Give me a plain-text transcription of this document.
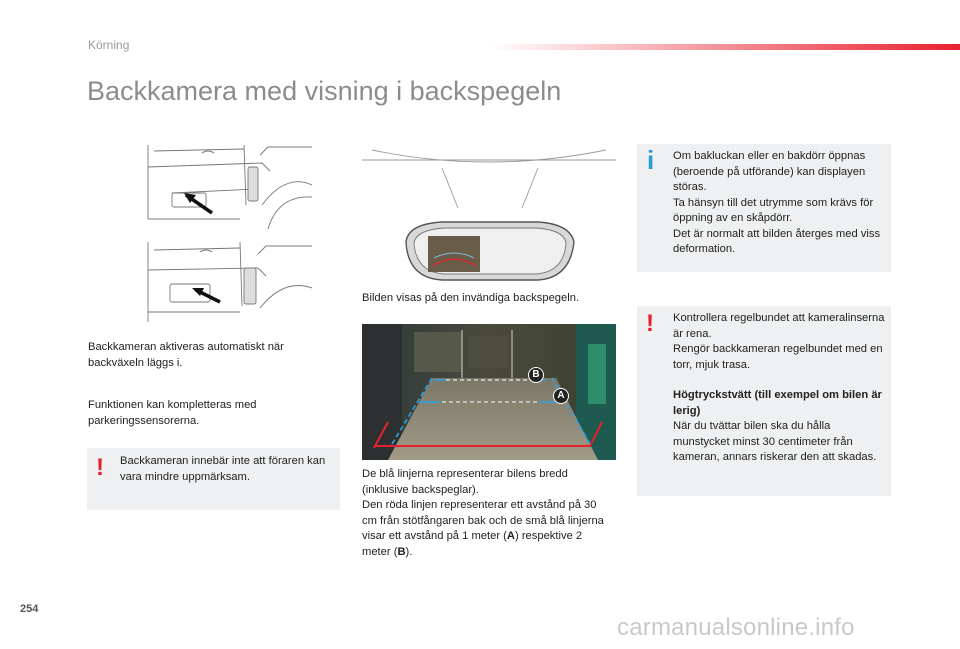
Körning
Backkamera med visning i backspegeln
Bilden visas på den invändiga backspegeln.
B
A
De blå linjerna representerar bilens bredd (inklusive backspeglar).
Den röda linjen representerar ett avstånd på 30 cm från stötfångaren bak och de små blå linjerna visar ett avstånd på 1 meter (A) respektive 2 meter (B).
Backkameran aktiveras automatiskt när backväxeln läggs i.
Funktionen kan kompletteras med parkeringssensorerna.
! Backkameran innebär inte att föraren kan vara mindre uppmärksam.
i Om bakluckan eller en bakdörr öppnas (beroende på utförande) kan displayen störas.
Ta hänsyn till det utrymme som krävs för öppning av en skåpdörr.
Det är normalt att bilden återges med viss deformation.
! Kontrollera regelbundet att kameralinserna är rena.
Rengör backkameran regelbundet med en torr, mjuk trasa.
Högtryckstvätt (till exempel om bilen är lerig)
När du tvättar bilen ska du hålla munstycket minst 30 centimeter från kameran, annars riskerar den att skadas.
254
carmanualsonline.info
